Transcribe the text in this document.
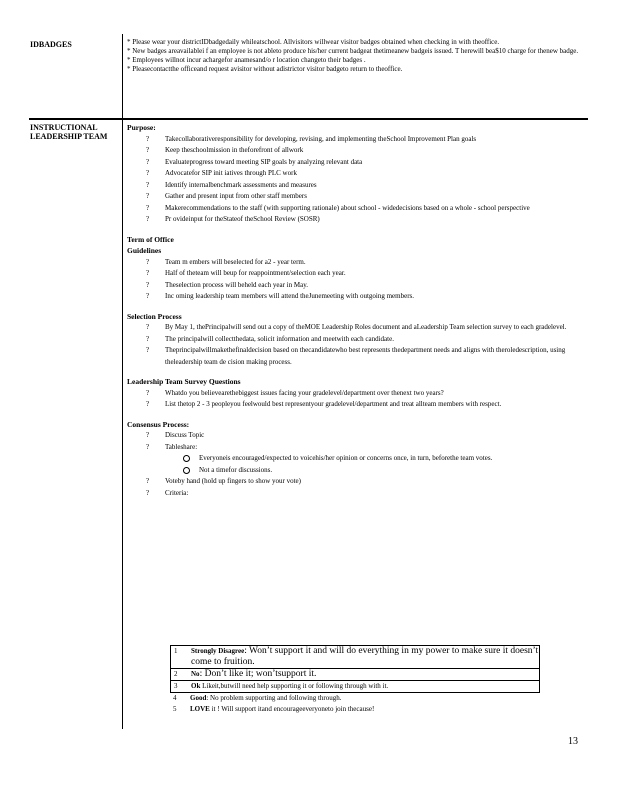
IDBADGES	* Please wear your districtIDbadgedaily whileatschool. Allvisitors willwear visitor badges obtained when checking in with theoffice.

* New badges areavailablei f an employee is not ableto produce his/her current badgeat thetimeanew badgeis issued. T herewill bea$10 charge for thenew badge.

* Employees willnot incur achargefor anamesand/o r location changeto their badges .

* Pleasecontactthe officeand request avisitor without adistrictor visitor badgeto return to theoffice.

INSTRUCTIONAL LEADERSHIP TEAM

Purpose:

? Takecollaborativeresponsibility for developing, revising, and implementing theSchool Improvement Plan goals

? Keep theschoolmission in theforefront of allwork

? Evaluateprogress toward meeting SIP goals by analyzing relevant data

? Advocatefor SIP init iatives through PLC work

? Identify internalbenchmark assessments and measures

? Gather and present input from other staff members

? Makerecommendations to the staff (with supporting rationale) about school - widedecisions based on a whole - school perspective

? Pr ovideinput for theStateof theSchool Review (SOSR)

Term of Office

Guidelines

? Team m embers will beselected for a2 - year term.

? Half of theteam will beup for reappointment/selection each year.

? Theselection process will beheld each year in May.

? Inc oming leadership team members will attend theJunemeeting with outgoing members.

Selection Process

? By May 1, thePrincipalwill send out a copy of theMOE Leadership Roles document and aLeadership Team selection survey to each gradelevel.

? The principalwill collectthedata, solicit information and meetwith each candidate.

? Theprincipalwillmakethefinaldecision based on thecandidatewho best represents thedepartment needs and aligns with theroledescription, using theleadership team de cision making process.

Leadership Team Survey Questions

? Whatdo you believearethebiggest issues facing your gradelevel/department over thenext two years?

? List thetop 2 - 3 peopleyou feelwould best representyour gradelevel/department and treat allteam members with respect.

Consensus Process:

? Discuss Topic

? Tableshare:

Everyoneis encouraged/expected to voicehis/her opinion or concerns once, in turn, beforethe team votes.

Not a timefor discussions.

? Voteby hand (hold up fingers to show your vote)

? Criteria:

1 Strongly Disagree: Won’t support it and will do everything in my power to make sure it doesn’t come to fruition.
2 No: Don’t like it; won’tsupport it.
3 Ok Likeit,butwill need help supporting it or following through with it.
4 Good: No problem supporting and following through.
5 LOVE it ! Will support itand encourageeveryoneto join thecause!
13
